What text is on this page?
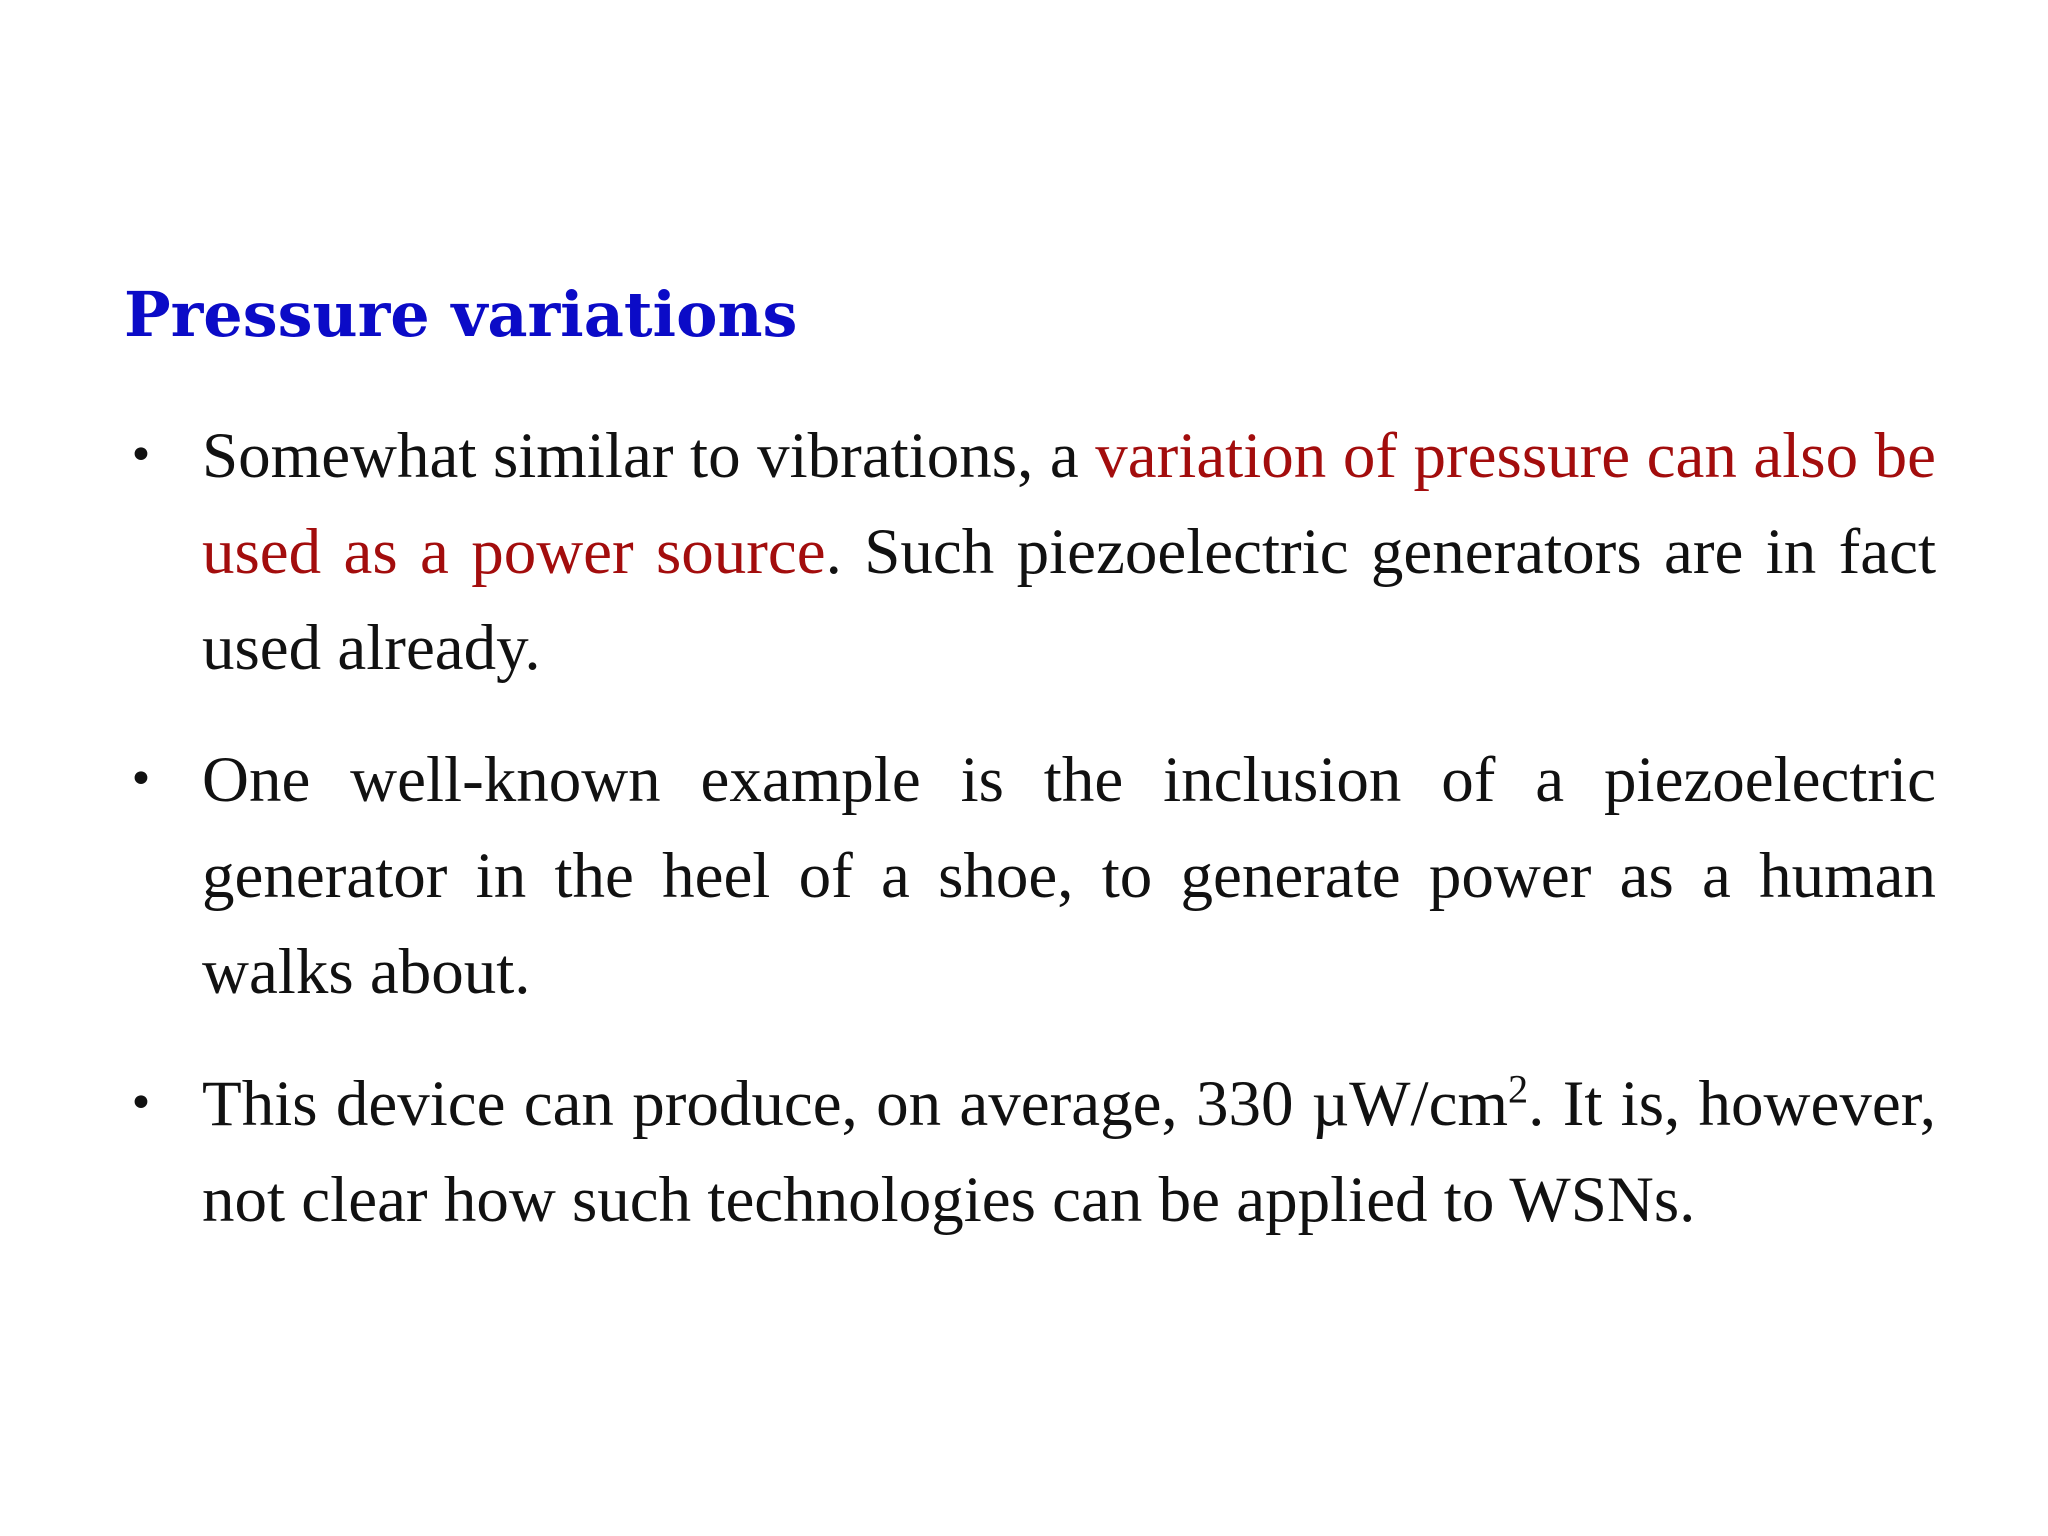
Pressure variations
• Somewhat similar to vibrations, a variation of pressure can also be used as a power source. Such piezoelectric generators are in fact used already.
• One well-known example is the inclusion of a piezoelectric generator in the heel of a shoe, to generate power as a human walks about.
• This device can produce, on average, 330 $\mu W/cm^2$. It is, however, not clear how such technologies can be applied to WSNs.
